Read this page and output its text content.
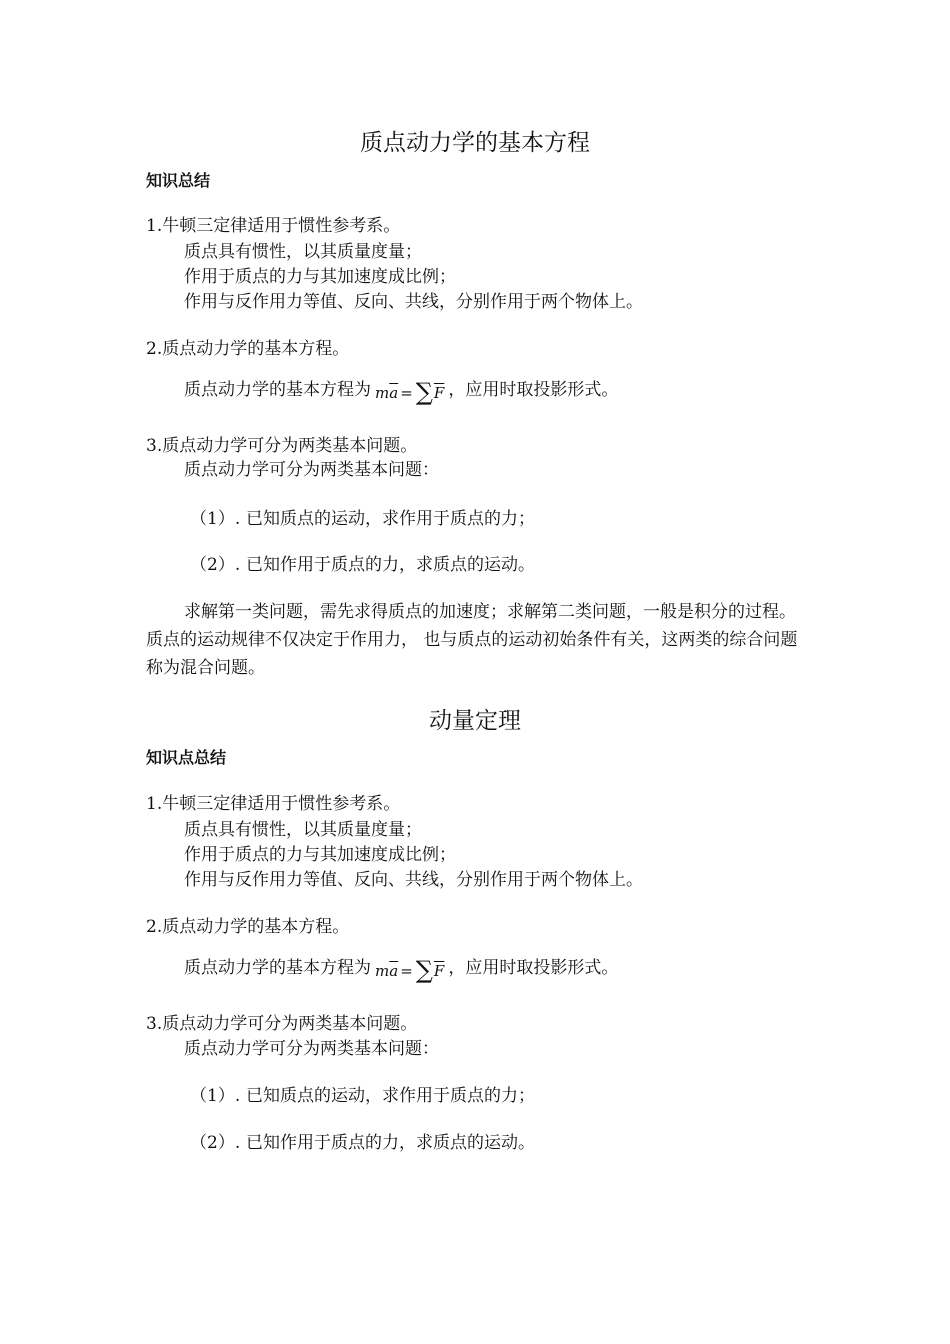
质点动力学的基本方程
知识总结
1.牛顿三定律适用于惯性参考系。
质点具有惯性，以其质量度量；
作用于质点的力与其加速度成比例；
作用与反作用力等值、反向、共线，分别作用于两个物体上。
2.质点动力学的基本方程。
质点动力学的基本方程为 $m\overline{a} = \sum\overline{F}$ ，应用时取投影形式。
3.质点动力学可分为两类基本问题。
质点动力学可分为两类基本问题：
（1）. 已知质点的运动，求作用于质点的力；
（2）. 已知作用于质点的力，求质点的运动。
求解第一类问题，需先求得质点的加速度；求解第二类问题，一般是积分的过程。质点的运动规律不仅决定于作用力， 也与质点的运动初始条件有关，这两类的综合问题称为混合问题。
动量定理
知识点总结
1.牛顿三定律适用于惯性参考系。
质点具有惯性，以其质量度量；
作用于质点的力与其加速度成比例；
作用与反作用力等值、反向、共线，分别作用于两个物体上。
2.质点动力学的基本方程。
质点动力学的基本方程为 $m\overline{a} = \sum\overline{F}$ ，应用时取投影形式。
3.质点动力学可分为两类基本问题。
质点动力学可分为两类基本问题：
（1）. 已知质点的运动，求作用于质点的力；
（2）. 已知作用于质点的力，求质点的运动。
